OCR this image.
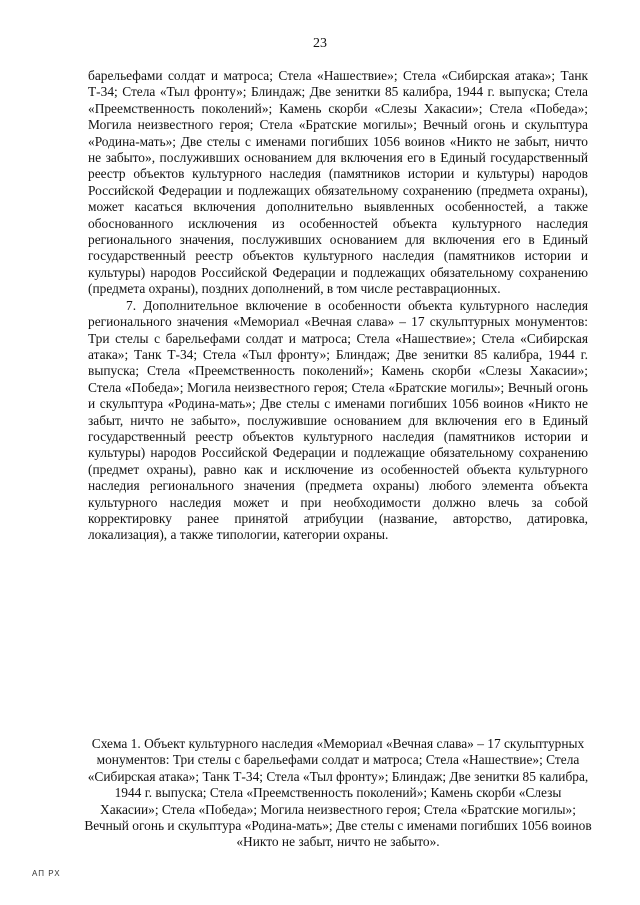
23

барельефами солдат и матроса; Стела «Нашествие»; Стела «Сибирская атака»; Танк Т-34; Стела «Тыл фронту»; Блиндаж; Две зенитки 85 калибра, 1944 г. выпуска; Стела «Преемственность поколений»; Камень скорби «Слезы Хакасии»; Стела «Победа»; Могила неизвестного героя; Стела «Братские могилы»; Вечный огонь и скульптура «Родина-мать»; Две стелы с именами погибших 1056 воинов «Никто не забыт, ничто не забыто», послуживших основанием для включения его в Единый государственный реестр объектов культурного наследия (памятников истории и культуры) народов Российской Федерации и подлежащих обязательному сохранению (предмета охраны), может касаться включения дополнительно выявленных особенностей, а также обоснованного исключения из особенностей объекта культурного наследия регионального значения, послуживших основанием для включения его в Единый государственный реестр объектов культурного наследия (памятников истории и культуры) народов Российской Федерации и подлежащих обязательному сохранению (предмета охраны), поздних дополнений, в том числе реставрационных.

7. Дополнительное включение в особенности объекта культурного наследия регионального значения «Мемориал «Вечная слава» – 17 скульптурных монументов: Три стелы с барельефами солдат и матроса; Стела «Нашествие»; Стела «Сибирская атака»; Танк Т-34; Стела «Тыл фронту»; Блиндаж; Две зенитки 85 калибра, 1944 г. выпуска; Стела «Преемственность поколений»; Камень скорби «Слезы Хакасии»; Стела «Победа»; Могила неизвестного героя; Стела «Братские могилы»; Вечный огонь и скульптура «Родина-мать»; Две стелы с именами погибших 1056 воинов «Никто не забыт, ничто не забыто», послужившие основанием для включения его в Единый государственный реестр объектов культурного наследия (памятников истории и культуры) народов Российской Федерации и подлежащие обязательному сохранению (предмет охраны), равно как и исключение из особенностей объекта культурного наследия регионального значения (предмета охраны) любого элемента объекта культурного наследия может и при необходимости должно влечь за собой корректировку ранее принятой атрибуции (название, авторство, датировка, локализация), а также типологии, категории охраны.

Схема 1. Объект культурного наследия «Мемориал «Вечная слава» – 17 скульптурных монументов: Три стелы с барельефами солдат и матроса; Стела «Нашествие»; Стела «Сибирская атака»; Танк Т-34; Стела «Тыл фронту»; Блиндаж; Две зенитки 85 калибра, 1944 г. выпуска; Стела «Преемственность поколений»; Камень скорби «Слезы Хакасии»; Стела «Победа»; Могила неизвестного героя; Стела «Братские могилы»; Вечный огонь и скульптура «Родина-мать»; Две стелы с именами погибших 1056 воинов «Никто не забыт, ничто не забыто».
АП РХ
